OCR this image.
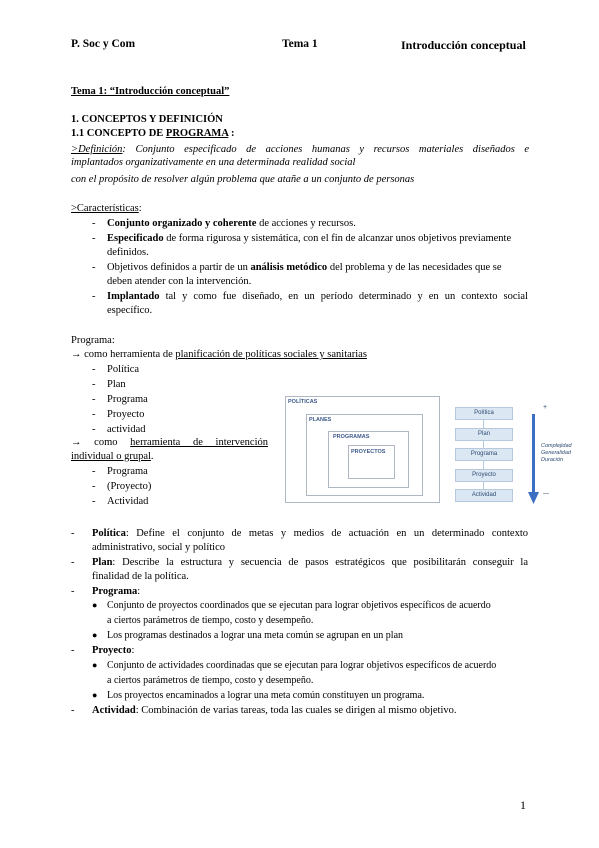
P. Soc y Com	Tema 1	Introducción conceptual
Tema 1: “Introducción conceptual”
1. CONCEPTOS Y DEFINICIÓN
1.1 CONCEPTO DE PROGRAMA :
>Definición: Conjunto especificado de acciones humanas y recursos materiales diseñados e
implantados organizativamente en una determinada realidad social
con el propósito de resolver algún problema que atañe a un conjunto de personas
>Características:
- Conjunto organizado y coherente de acciones y recursos.
- Especificado de forma rigurosa y sistemática, con el fin de alcanzar unos objetivos previamente
definidos.
- Objetivos definidos a partir de un análisis metódico del problema y de las necesidades que se
deben atender con la intervención.
- Implantado tal y como fue diseñado, en un período determinado y en un contexto social
específico.
Programa:
→ como herramienta de planificación de políticas sociales y sanitarias
- Política
- Plan
- Programa
- Proyecto
- actividad
→ como herramienta de intervención
individual o grupal.
- Programa
- (Proyecto)
- Actividad
POLÍTICAS
PLANES
PROGRAMAS
PROYECTOS
Política
Plan
Programa
Proyecto
Actividad
+
Complejidad
Generalidad
Duración
—
- Política: Define el conjunto de metas y medios de actuación en un determinado contexto
administrativo, social y político
- Plan: Describe la estructura y secuencia de pasos estratégicos que posibilitarán conseguir la
finalidad de la política.
- Programa:
● Conjunto de proyectos coordinados que se ejecutan para lograr objetivos específicos de acuerdo
a ciertos parámetros de tiempo, costo y desempeño.
● Los programas destinados a lograr una meta común se agrupan en un plan
- Proyecto:
● Conjunto de actividades coordinadas que se ejecutan para lograr objetivos específicos de acuerdo
a ciertos parámetros de tiempo, costo y desempeño.
● Los proyectos encaminados a lograr una meta común constituyen un programa.
- Actividad: Combinación de varias tareas, toda las cuales se dirigen al mismo objetivo.
1
